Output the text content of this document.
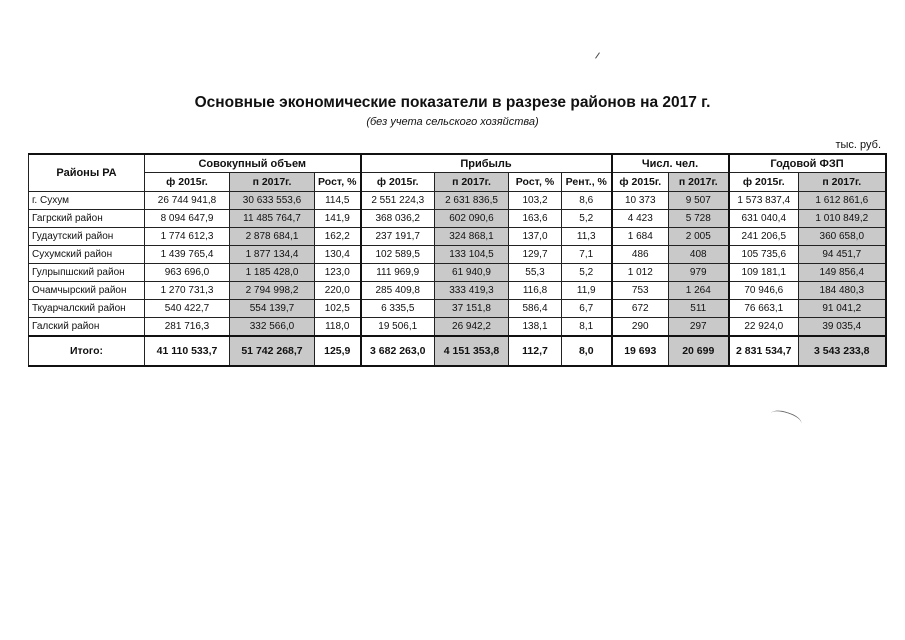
Основные экономические показатели в разрезе районов на 2017 г.
(без учета сельского хозяйства)
тыс. руб.
Районы РА	Совокупный объем			Прибыль				Числ. чел.		Годовой ФЗП	
	ф 2015г.	п 2017г.	Рост, %	ф 2015г.	п 2017г.	Рост, %	Рент., %	ф 2015г.	п 2017г.	ф 2015г.	п 2017г.
г. Сухум	26 744 941,8	30 633 553,6	114,5	2 551 224,3	2 631 836,5	103,2	8,6	10 373	9 507	1 573 837,4	1 612 861,6
Гагрский район	8 094 647,9	11 485 764,7	141,9	368 036,2	602 090,6	163,6	5,2	4 423	5 728	631 040,4	1 010 849,2
Гудаутский район	1 774 612,3	2 878 684,1	162,2	237 191,7	324 868,1	137,0	11,3	1 684	2 005	241 206,5	360 658,0
Сухумский район	1 439 765,4	1 877 134,4	130,4	102 589,5	133 104,5	129,7	7,1	486	408	105 735,6	94 451,7
Гулрыпшский район	963 696,0	1 185 428,0	123,0	111 969,9	61 940,9	55,3	5,2	1 012	979	109 181,1	149 856,4
Очамчырский район	1 270 731,3	2 794 998,2	220,0	285 409,8	333 419,3	116,8	11,9	753	1 264	70 946,6	184 480,3
Ткуарчалский район	540 422,7	554 139,7	102,5	6 335,5	37 151,8	586,4	6,7	672	511	76 663,1	91 041,2
Галский район	281 716,3	332 566,0	118,0	19 506,1	26 942,2	138,1	8,1	290	297	22 924,0	39 035,4
Итого:	41 110 533,7	51 742 268,7	125,9	3 682 263,0	4 151 353,8	112,7	8,0	19 693	20 699	2 831 534,7	3 543 233,8
